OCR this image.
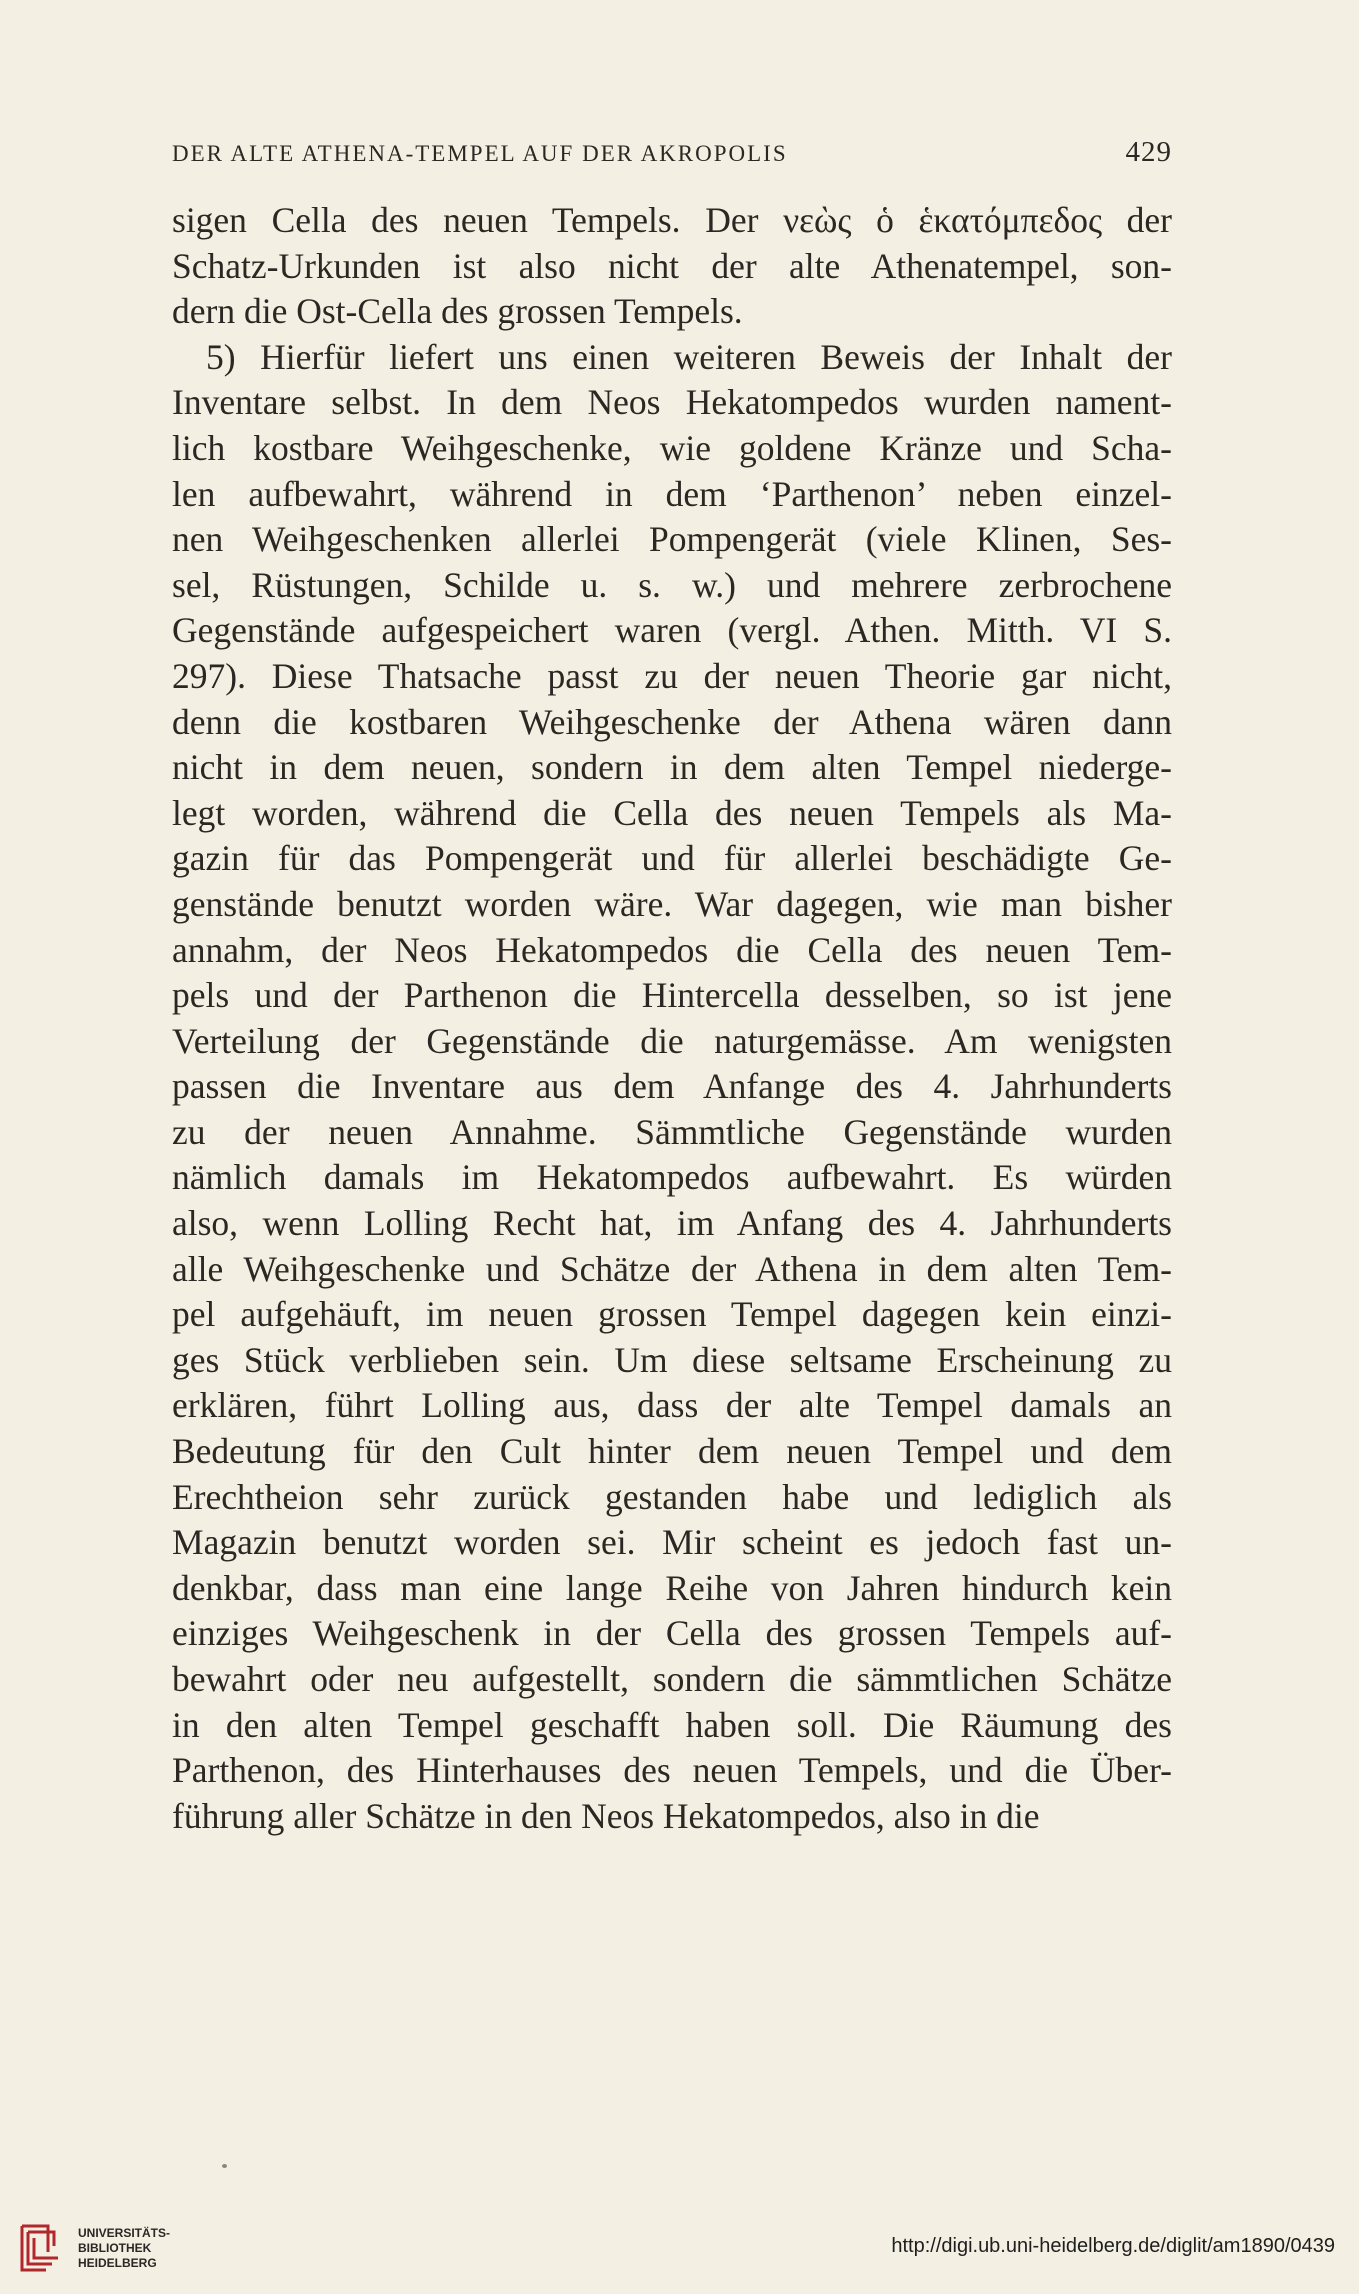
DER ALTE ATHENA-TEMPEL AUF DER AKROPOLIS	429
sigen Cella des neuen Tempels. Der νεὼς ὁ ἑκατόμπεδος der
Schatz-Urkunden ist also nicht der alte Athenatempel, son-
dern die Ost-Cella des grossen Tempels.
5) Hierfür liefert uns einen weiteren Beweis der Inhalt der
Inventare selbst. In dem Neos Hekatompedos wurden nament-
lich kostbare Weihgeschenke, wie goldene Kränze und Scha-
len aufbewahrt, während in dem ‘Parthenon’ neben einzel-
nen Weihgeschenken allerlei Pompengerät (viele Klinen, Ses-
sel, Rüstungen, Schilde u. s. w.) und mehrere zerbrochene
Gegenstände aufgespeichert waren (vergl. Athen. Mitth. VI S.
297). Diese Thatsache passt zu der neuen Theorie gar nicht,
denn die kostbaren Weihgeschenke der Athena wären dann
nicht in dem neuen, sondern in dem alten Tempel niederge-
legt worden, während die Cella des neuen Tempels als Ma-
gazin für das Pompengerät und für allerlei beschädigte Ge-
genstände benutzt worden wäre. War dagegen, wie man bisher
annahm, der Neos Hekatompedos die Cella des neuen Tem-
pels und der Parthenon die Hintercella desselben, so ist jene
Verteilung der Gegenstände die naturgemässe. Am wenigsten
passen die Inventare aus dem Anfange des 4. Jahrhunderts
zu der neuen Annahme. Sämmtliche Gegenstände wurden
nämlich damals im Hekatompedos aufbewahrt. Es würden
also, wenn Lolling Recht hat, im Anfang des 4. Jahrhunderts
alle Weihgeschenke und Schätze der Athena in dem alten Tem-
pel aufgehäuft, im neuen grossen Tempel dagegen kein einzi-
ges Stück verblieben sein. Um diese seltsame Erscheinung zu
erklären, führt Lolling aus, dass der alte Tempel damals an
Bedeutung für den Cult hinter dem neuen Tempel und dem
Erechtheion sehr zurück gestanden habe und lediglich als
Magazin benutzt worden sei. Mir scheint es jedoch fast un-
denkbar, dass man eine lange Reihe von Jahren hindurch kein
einziges Weihgeschenk in der Cella des grossen Tempels auf-
bewahrt oder neu aufgestellt, sondern die sämmtlichen Schätze
in den alten Tempel geschafft haben soll. Die Räumung des
Parthenon, des Hinterhauses des neuen Tempels, und die Über-
führung aller Schätze in den Neos Hekatompedos, also in die
UNIVERSITÄTS-
BIBLIOTHEK
HEIDELBERG
http://digi.ub.uni-heidelberg.de/diglit/am1890/0439
